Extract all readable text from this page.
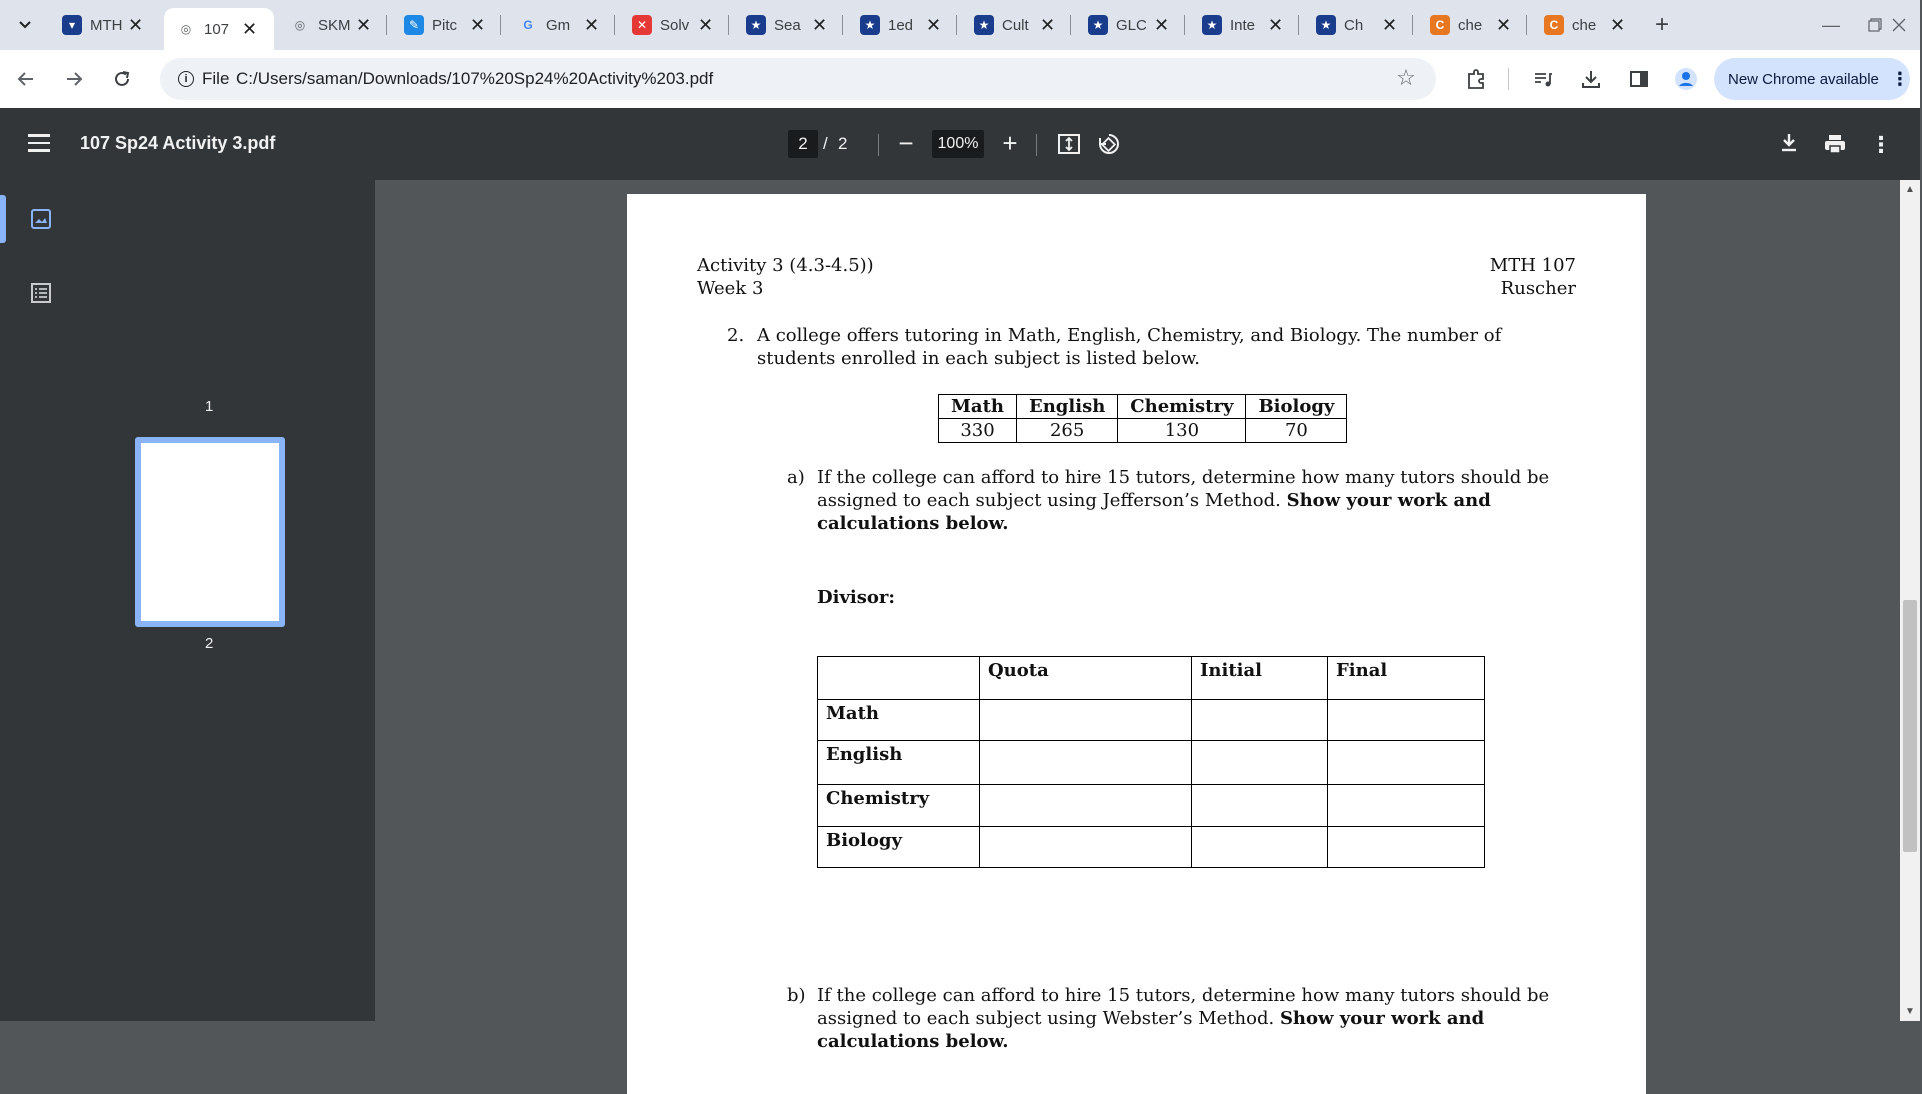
▾ MTH ✕	◎ 107 ✕	◎ SKM ✕	✎ Pitc ✕	G Gm ✕	✕ Solv ✕	★ Sea ✕	★ 1ed ✕	★ Cult ✕	★ GLC ✕	★ Inte ✕	★ Ch	✕	C che ✕	C che ✕ +	—
i File C:/Users/saman/Downloads/107%20Sp24%20Activity%203.pdf	☆	New Chrome available ⋮
107 Sp24 Activity 3.pdf	2 / 2 −	100% +	⋮
1
2
Activity 3 (4.3-4.5))
Week 3
MTH 107
Ruscher
2. A college offers tutoring in Math, English, Chemistry, and Biology. The number of students enrolled in each subject is listed below.
Math	English	Chemistry	Biology
330	265	130	70
a) If the college can afford to hire 15 tutors, determine how many tutors should be assigned to each subject using Jefferson’s Method. Show your work and calculations below.
Divisor:
	Quota	Initial	Final
Math			
English			
Chemistry			
Biology			
b) If the college can afford to hire 15 tutors, determine how many tutors should be assigned to each subject using Webster’s Method. Show your work and calculations below.
▲
▼
